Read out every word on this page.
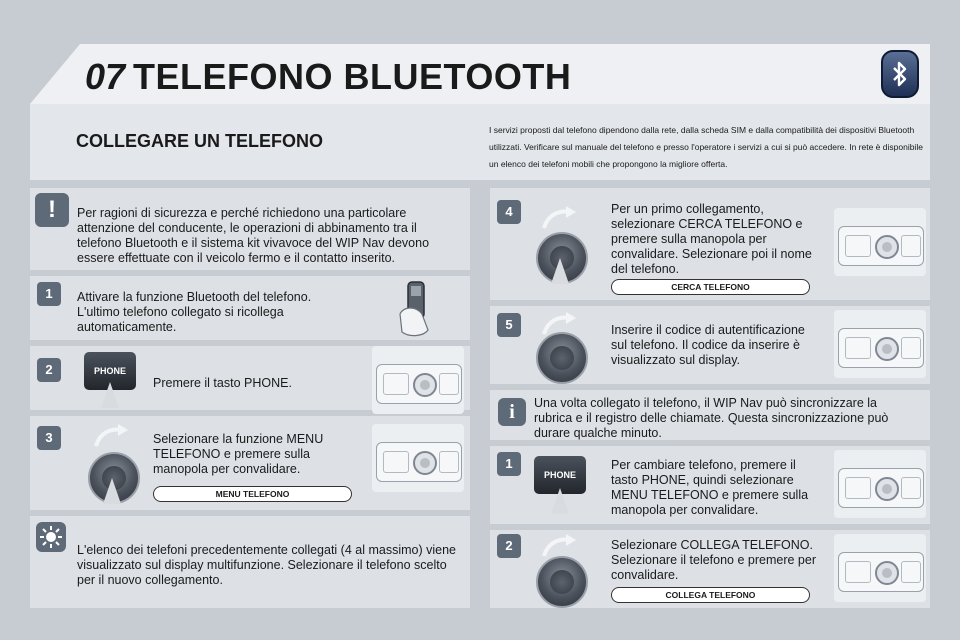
07 TELEFONO BLUETOOTH
COLLEGARE UN TELEFONO
I servizi proposti dal telefono dipendono dalla rete, dalla scheda SIM e dalla compatibilità dei dispositivi Bluetooth utilizzati. Verificare sul manuale del telefono e presso l'operatore i servizi a cui si può accedere. In rete è disponibile un elenco dei telefoni mobili che propongono la migliore offerta.
!	Per ragioni di sicurezza e perché richiedono una particolare attenzione del conducente, le operazioni di abbinamento tra il telefono Bluetooth e il sistema kit vivavoce del WIP Nav devono essere effettuate con il veicolo fermo e il contatto inserito.
1	Attivare la funzione Bluetooth del telefono. L'ultimo telefono collegato si ricollega automaticamente.
2	PHONE
Premere il tasto PHONE.
3	Selezionare la funzione MENU TELEFONO e premere sulla manopola per convalidare.
MENU TELEFONO
L'elenco dei telefoni precedentemente collegati (4 al massimo) viene visualizzato sul display multifunzione. Selezionare il telefono scelto per il nuovo collegamento.
4	Per un primo collegamento, selezionare CERCA TELEFONO e premere sulla manopola per convalidare. Selezionare poi il nome del telefono.
CERCA TELEFONO
5	Inserire il codice di autentificazione sul telefono. Il codice da inserire è visualizzato sul display.
i	Una volta collegato il telefono, il WIP Nav può sincronizzare la rubrica e il registro delle chiamate. Questa sincronizzazione può durare qualche minuto.
1
PHONE
Per cambiare telefono, premere il tasto PHONE, quindi selezionare MENU TELEFONO e premere sulla manopola per convalidare.
2	Selezionare COLLEGA TELEFONO. Selezionare il telefono e premere per convalidare.
COLLEGA TELEFONO
